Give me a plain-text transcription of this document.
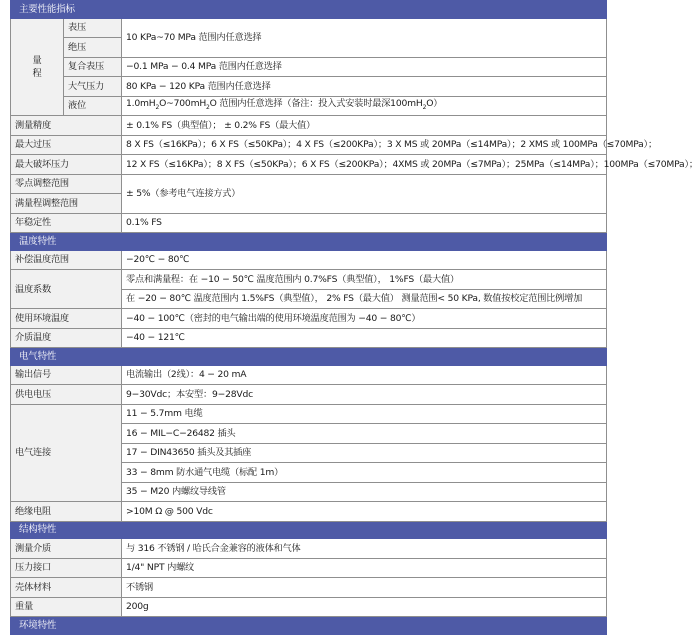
主要性能指标		
量
程	表压	10 KPa~70 MPa 范围内任意选择
	绝压	
	复合表压	−0.1 MPa − 0.4 MPa 范围内任意选择
	大气压力	80 KPa − 120 KPa 范围内任意选择
	液位	$1.0mH_2O\sim 700mH_2O$ 范围内任意选择（备注：投入式安装时最深$100mH_2O$）
测量精度		± 0.1% FS（典型值）； ± 0.2% FS（最大值）
最大过压		8 X FS（≤16KPa）；6 X FS（≤50KPa）；4 X FS（≤200KPa）；3 X MS 或 20MPa（≤14MPa）；2 XMS 或 100MPa（≤70MPa）；
最大破坏压力		12 X FS（≤16KPa）；8 X FS（≤50KPa）；6 X FS（≤200KPa）；4XMS 或 20MPa（≤7MPa）；25MPa（≤14MPa）；100MPa（≤70MPa）；
零点调整范围		± 5%（参考电气连接方式）
满量程调整范围		
年稳定性		0.1% FS
温度特性		
补偿温度范围		−20℃ − 80℃
温度系数		零点和满量程：在 −10 − 50℃ 温度范围内 0.7%FS（典型值）， 1%FS（最大值）
		在 −20 − 80℃ 温度范围内 1.5%FS（典型值）， 2% FS（最大值） 测量范围< 50 KPa, 数值按校定范围比例增加
使用环境温度		−40 − 100℃（密封的电气输出端的使用环境温度范围为 −40 − 80℃）
介质温度		−40 − 121℃
电气特性		
输出信号		电流输出（2线）：4 − 20 mA
供电电压		9−30Vdc；本安型：9−28Vdc
电气连接		11 − 5.7mm 电缆
		16 − MIL−C−26482 插头
		17 − DIN43650 插头及其插座
		33 − 8mm 防水通气电缆（标配 1m）
		35 − M20 内螺纹导线管
绝缘电阻		>10M Ω @ 500 Vdc
结构特性		
测量介质		与 316 不锈钢 / 哈氏合金兼容的液体和气体
压力接口		1/4" NPT 内螺纹
壳体材料		不锈钢
重量		200g
环境特性		
